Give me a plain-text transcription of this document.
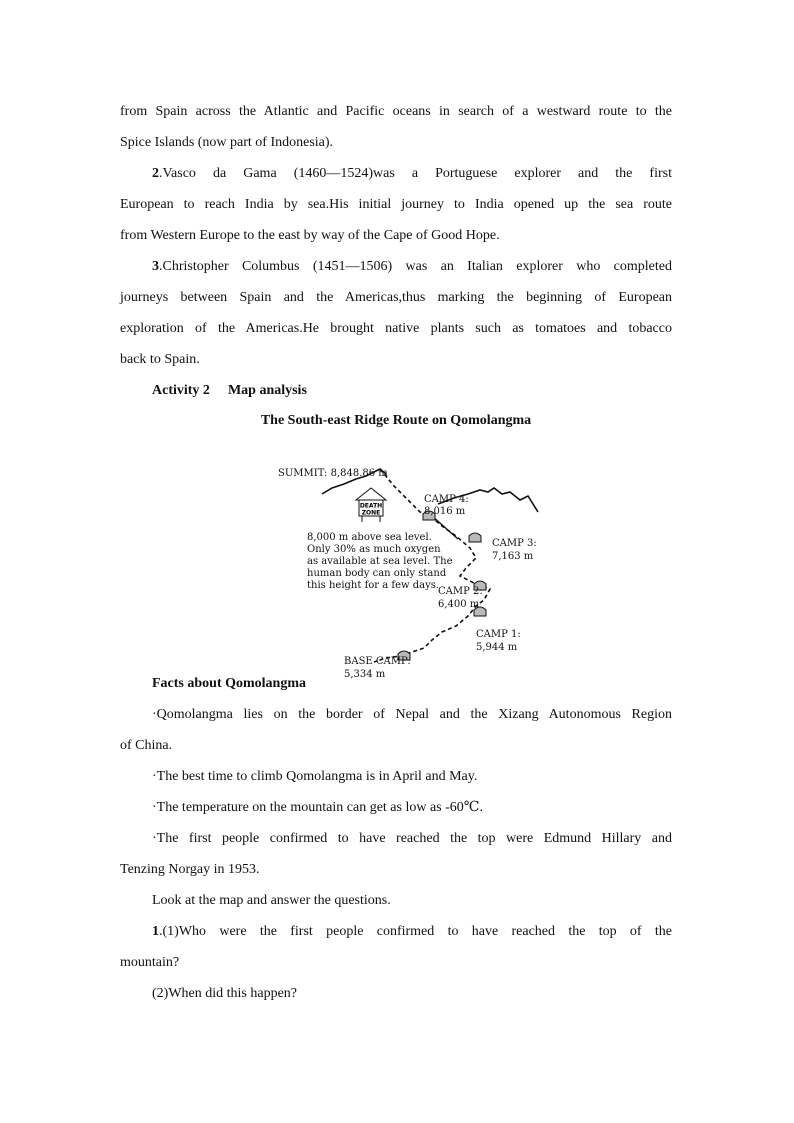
from Spain across the Atlantic and Pacific oceans in search of a westward route to the

Spice Islands (now part of Indonesia).

2.Vasco da Gama (1460—1524)was a Portuguese explorer and the first

European to reach India by sea.His initial journey to India opened up the sea route

from Western Europe to the east by way of the Cape of Good Hope.

3.Christopher Columbus (1451—1506) was an Italian explorer who completed

journeys between Spain and the Americas,thus marking the beginning of European

exploration of the Americas.He brought native plants such as tomatoes and tobacco

back to Spain.

Activity 2 Map analysis

The South-east Ridge Route on Qomolangma

DEATH
ZONE
SUMMIT: 8,848.86 m
CAMP 4:
8,016 m
CAMP 3:
7,163 m
CAMP 2:
6,400 m
CAMP 1:
5,944 m
BASE CAMP:
5,334 m
8,000 m above sea level.
Only 30% as much oxygen
as available at sea level. The
human body can only stand
this height for a few days.

Facts about Qomolangma

·Qomolangma lies on the border of Nepal and the Xizang Autonomous Region

of China.

·The best time to climb Qomolangma is in April and May.

·The temperature on the mountain can get as low as -60℃.

·The first people confirmed to have reached the top were Edmund Hillary and

Tenzing Norgay in 1953.

Look at the map and answer the questions.

1.(1)Who were the first people confirmed to have reached the top of the

mountain?

(2)When did this happen?
